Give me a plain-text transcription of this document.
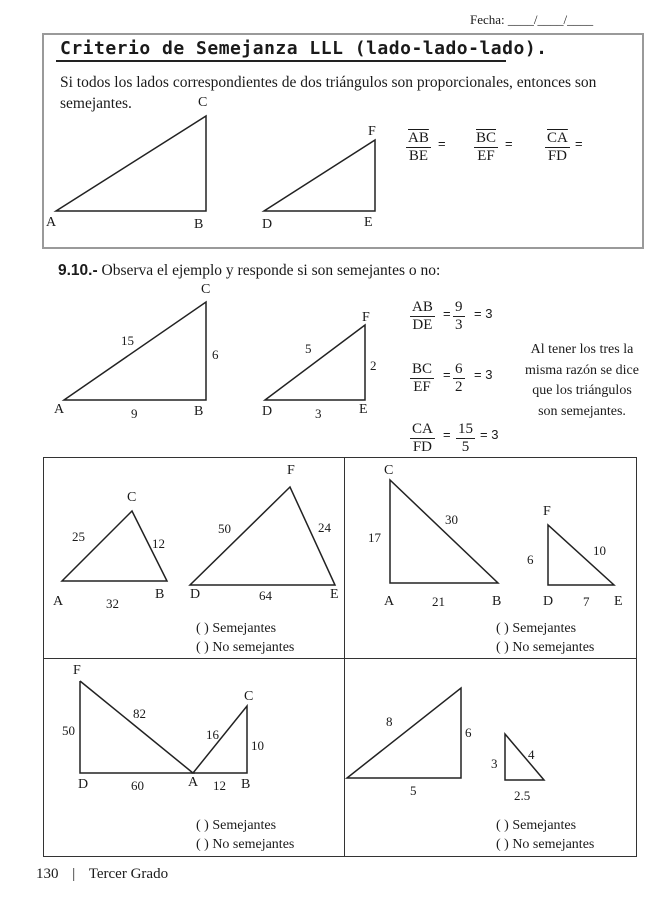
Fecha: ____/____/____
Criterio de Semejanza LLL (lado-lado-lado).
Si todos los lados correspondientes de dos triángulos son proporcionales, entonces son semejantes.
A	B
C
D	E
F $\frac{\overline{AB}}{BE} = \frac{\overline{BC}}{EF} = \frac{\overline{CA}}{FD}$ =
9.10.- Observa el ejemplo y responde si son semejantes o no:
A	B
C
15
6
9	D	E
F
5
2
3
$\frac{AB}{DE} = \frac{9}{3} = 3$
$\frac{BC}{EF} = \frac{6}{2} = 3$
$\frac{CA}{FD} = \frac{15}{5} = 3$
Al tener los tres la misma razón se dice que los triángulos son semejantes.
A	B
C
25	12
32
D	E
F
50	24
64
( ) Semejantes
( ) No semejantes
C
A	B
17
30
21
F
D	E
6
10
7
( ) Semejantes
( ) No semejantes
F
D	A	B
C
50
82
60
16
10
12
( ) Semejantes
( ) No semejantes
8
6
5
3
4
2.5
( ) Semejantes
( ) No semejantes
130 | Tercer Grado
